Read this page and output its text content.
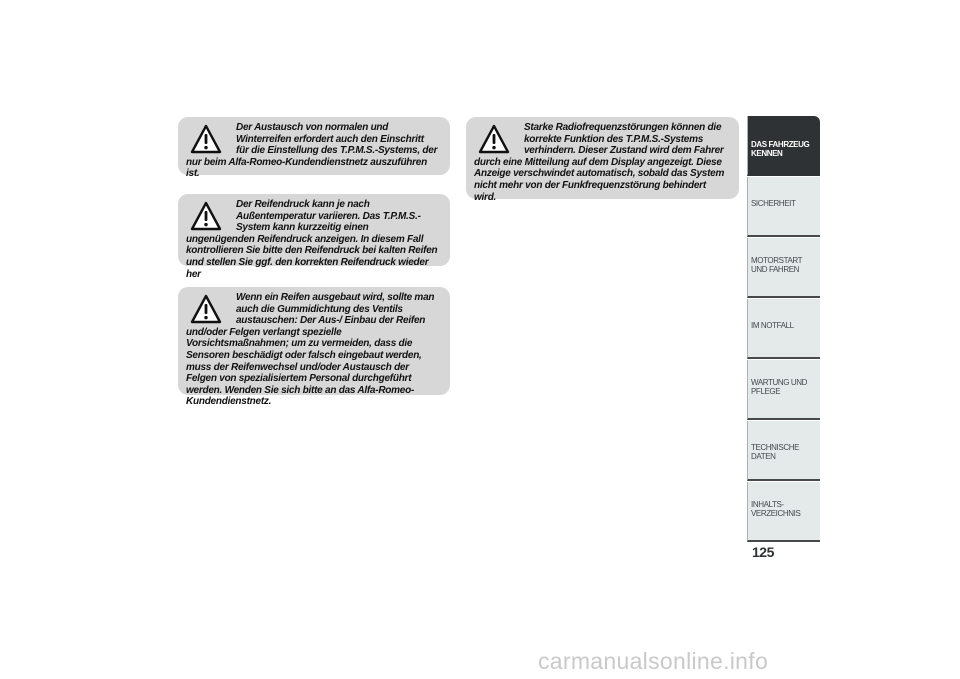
Der Austausch von normalen und Winterreifen erfordert auch den Einschritt für die Einstellung des T.P.M.S.-Systems, der nur beim Alfa-Romeo-Kundendienstnetz auszuführen ist.
Der Reifendruck kann je nach Außentemperatur variieren. Das T.P.M.S.-System kann kurzzeitig einen ungenügenden Reifendruck anzeigen. In diesem Fall kontrollieren Sie bitte den Reifendruck bei kalten Reifen und stellen Sie ggf. den korrekten Reifendruck wieder her
Wenn ein Reifen ausgebaut wird, sollte man auch die Gummidichtung des Ventils austauschen: Der Aus-/ Einbau der Reifen und/oder Felgen verlangt spezielle Vorsichtsmaßnahmen; um zu vermeiden, dass die Sensoren beschädigt oder falsch eingebaut werden, muss der Reifenwechsel und/oder Austausch der Felgen von spezialisiertem Personal durchgeführt werden. Wenden Sie sich bitte an das Alfa-Romeo-Kundendienstnetz.
Starke Radiofrequenzstörungen können die korrekte Funktion des T.P.M.S.-Systems verhindern. Dieser Zustand wird dem Fahrer durch eine Mitteilung auf dem Display angezeigt. Diese Anzeige verschwindet automatisch, sobald das System nicht mehr von der Funkfrequenzstörung behindert wird.
DAS FAHRZEUG KENNEN
SICHERHEIT
MOTORSTART UND FAHREN
IM NOTFALL
WARTUNG UND PFLEGE
TECHNISCHE DATEN
INHALTS-VERZEICHNIS
125
carmanualsonline.info
